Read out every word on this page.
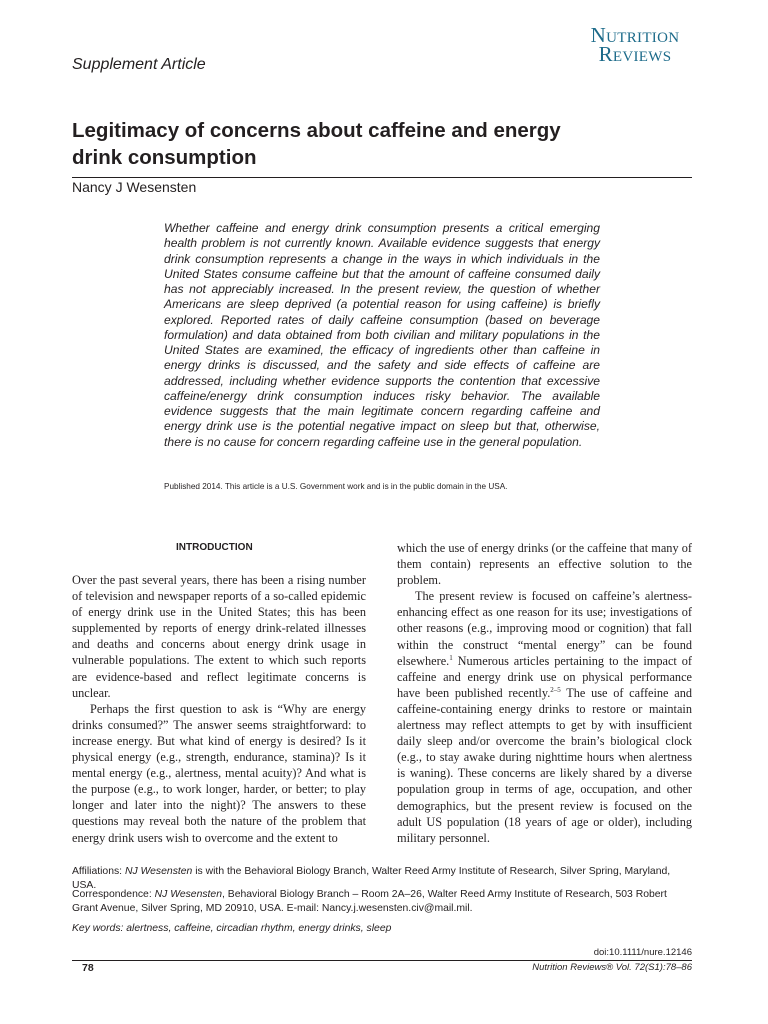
Nutrition
Reviews
Supplement Article
Legitimacy of concerns about caffeine and energy drink consumption
Nancy J Wesensten
Whether caffeine and energy drink consumption presents a critical emerging health problem is not currently known. Available evidence suggests that energy drink consumption represents a change in the ways in which individuals in the United States consume caffeine but that the amount of caffeine consumed daily has not appreciably increased. In the present review, the question of whether Americans are sleep deprived (a potential reason for using caffeine) is briefly explored. Reported rates of daily caffeine consumption (based on beverage formulation) and data obtained from both civilian and military populations in the United States are examined, the efficacy of ingredients other than caffeine in energy drinks is discussed, and the safety and side effects of caffeine are addressed, including whether evidence supports the contention that excessive caffeine/energy drink consumption induces risky behavior. The available evidence suggests that the main legitimate concern regarding caffeine and energy drink use is the potential negative impact on sleep but that, otherwise, there is no cause for concern regarding caffeine use in the general population.
Published 2014. This article is a U.S. Government work and is in the public domain in the USA.
INTRODUCTION

Over the past several years, there has been a rising number of television and newspaper reports of a so-called epidemic of energy drink use in the United States; this has been supplemented by reports of energy drink-related illnesses and deaths and concerns about energy drink usage in vulnerable populations. The extent to which such reports are evidence-based and reflect legitimate concerns is unclear.

Perhaps the first question to ask is “Why are energy drinks consumed?” The answer seems straightforward: to increase energy. But what kind of energy is desired? Is it physical energy (e.g., strength, endurance, stamina)? Is it mental energy (e.g., alertness, mental acuity)? And what is the purpose (e.g., to work longer, harder, or better; to play longer and later into the night)? The answers to these questions may reveal both the nature of the problem that energy drink users wish to overcome and the extent to

which the use of energy drinks (or the caffeine that many of them contain) represents an effective solution to the problem.

The present review is focused on caffeine’s alertness-enhancing effect as one reason for its use; investigations of other reasons (e.g., improving mood or cognition) that fall within the construct “mental energy” can be found elsewhere.$^1$ Numerous articles pertaining to the impact of caffeine and energy drink use on physical performance have been published recently.$^{2-5}$ The use of caffeine and caffeine-containing energy drinks to restore or maintain alertness may reflect attempts to get by with insufficient daily sleep and/or overcome the brain’s biological clock (e.g., to stay awake during nighttime hours when alertness is waning). These concerns are likely shared by a diverse population group in terms of age, occupation, and other demographics, but the present review is focused on the adult US population (18 years of age or older), including military personnel.

Affiliations: NJ Wesensten is with the Behavioral Biology Branch, Walter Reed Army Institute of Research, Silver Spring, Maryland, USA.
Correspondence: NJ Wesensten, Behavioral Biology Branch – Room 2A–26, Walter Reed Army Institute of Research, 503 Robert Grant Avenue, Silver Spring, MD 20910, USA. E-mail: Nancy.j.wesensten.civ@mail.mil.
Key words: alertness, caffeine, circadian rhythm, energy drinks, sleep
doi:10.1111/nure.12146
78	Nutrition Reviews® Vol. 72(S1):78–86
